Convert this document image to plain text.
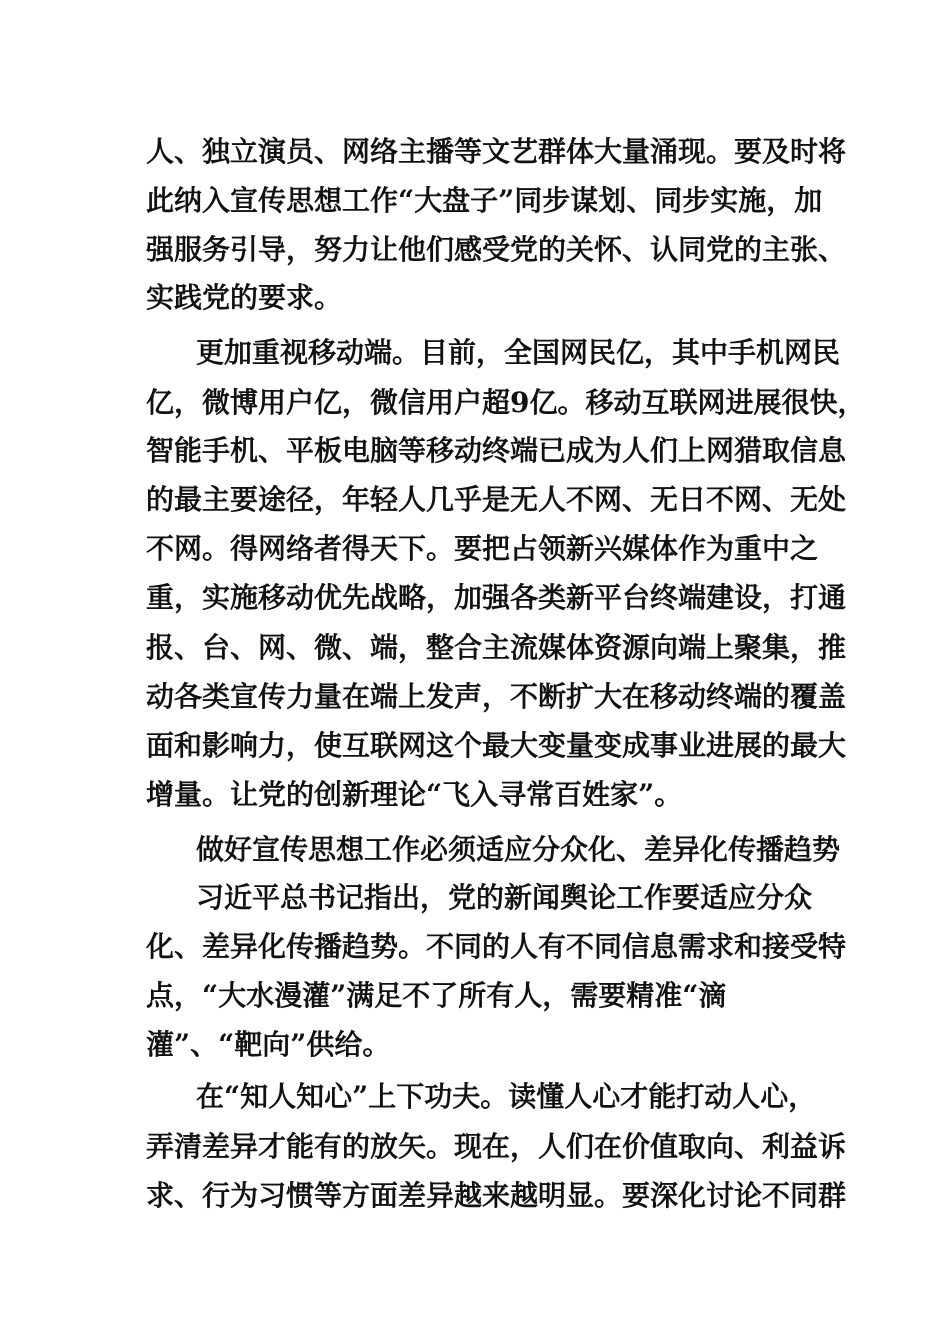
人、独立演员、网络主播等文艺群体大量涌现。要及时将
此纳入宣传思想工作“大盘子”同步谋划、同步实施，加
强服务引导，努力让他们感受党的关怀、认同党的主张、
实践党的要求。
更加重视移动端。目前，全国网民亿，其中手机网民
亿，微博用户亿，微信用户超9亿。移动互联网进展很快，
智能手机、平板电脑等移动终端已成为人们上网猎取信息
的最主要途径，年轻人几乎是无人不网、无日不网、无处
不网。得网络者得天下。要把占领新兴媒体作为重中之
重，实施移动优先战略，加强各类新平台终端建设，打通
报、台、网、微、端，整合主流媒体资源向端上聚集，推
动各类宣传力量在端上发声，不断扩大在移动终端的覆盖
面和影响力，使互联网这个最大变量变成事业进展的最大
增量。让党的创新理论“飞入寻常百姓家”。
做好宣传思想工作必须适应分众化、差异化传播趋势
习近平总书记指出，党的新闻舆论工作要适应分众
化、差异化传播趋势。不同的人有不同信息需求和接受特
点，“大水漫灌”满足不了所有人，需要精准“滴
灌”、“靶向”供给。
在“知人知心”上下功夫。读懂人心才能打动人心，
弄清差异才能有的放矢。现在，人们在价值取向、利益诉
求、行为习惯等方面差异越来越明显。要深化讨论不同群
